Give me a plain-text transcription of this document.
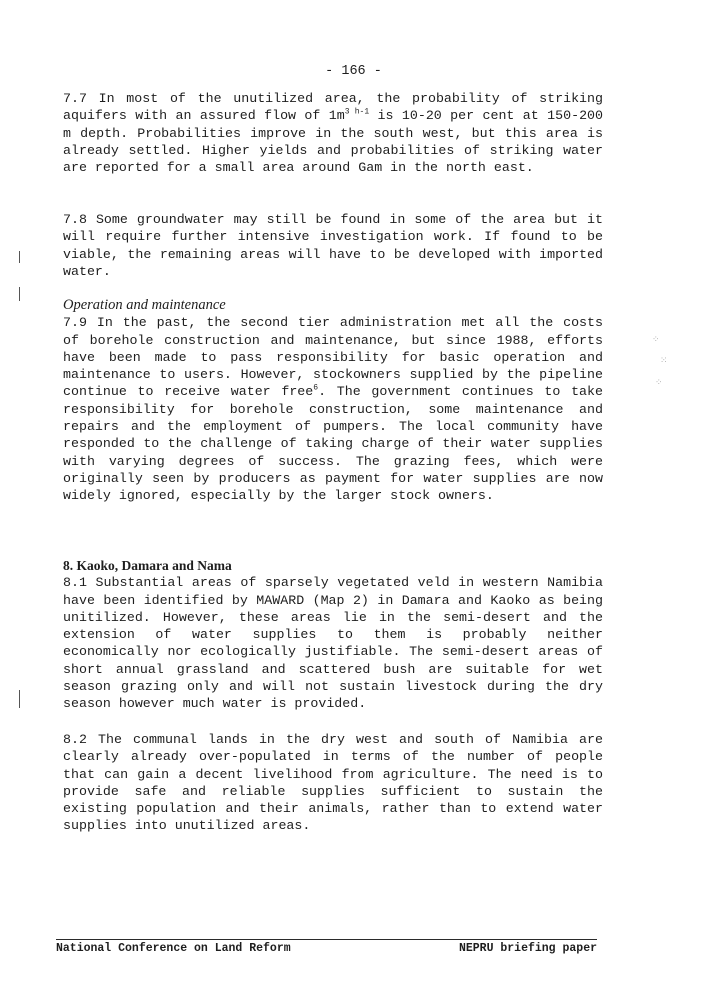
- 166 -

7.7 In most of the unutilized area, the probability of striking aquifers with an assured flow of $1m^{3 h-1}$ is 10-20 per cent at 150-200 m depth. Probabilities improve in the south west, but this area is already settled. Higher yields and probabilities of striking water are reported for a small area around Gam in the north east.

7.8 Some groundwater may still be found in some of the area but it will require further intensive investigation work. If found to be viable, the remaining areas will have to be developed with imported water.

Operation and maintenance

7.9 In the past, the second tier administration met all the costs of borehole construction and maintenance, but since 1988, efforts have been made to pass responsibility for basic operation and maintenance to users. However, stockowners supplied by the pipeline continue to receive water free$^6$. The government continues to take responsibility for borehole construction, some maintenance and repairs and the employment of pumpers. The local community have responded to the challenge of taking charge of their water supplies with varying degrees of success. The grazing fees, which were originally seen by producers as payment for water supplies are now widely ignored, especially by the larger stock owners.

8. Kaoko, Damara and Nama

8.1 Substantial areas of sparsely vegetated veld in western Namibia have been identified by MAWARD (Map 2) in Damara and Kaoko as being unitilized. However, these areas lie in the semi-desert and the extension of water supplies to them is probably neither economically nor ecologically justifiable. The semi-desert areas of short annual grassland and scattered bush are suitable for wet season grazing only and will not sustain livestock during the dry season however much water is provided.

8.2 The communal lands in the dry west and south of Namibia are clearly already over-populated in terms of the number of people that can gain a decent livelihood from agriculture. The need is to provide safe and reliable supplies sufficient to sustain the existing population and their animals, rather than to extend water supplies into unutilized areas.

National Conference on Land Reform	NEPRU briefing paper
⁘
⁙
⁘
